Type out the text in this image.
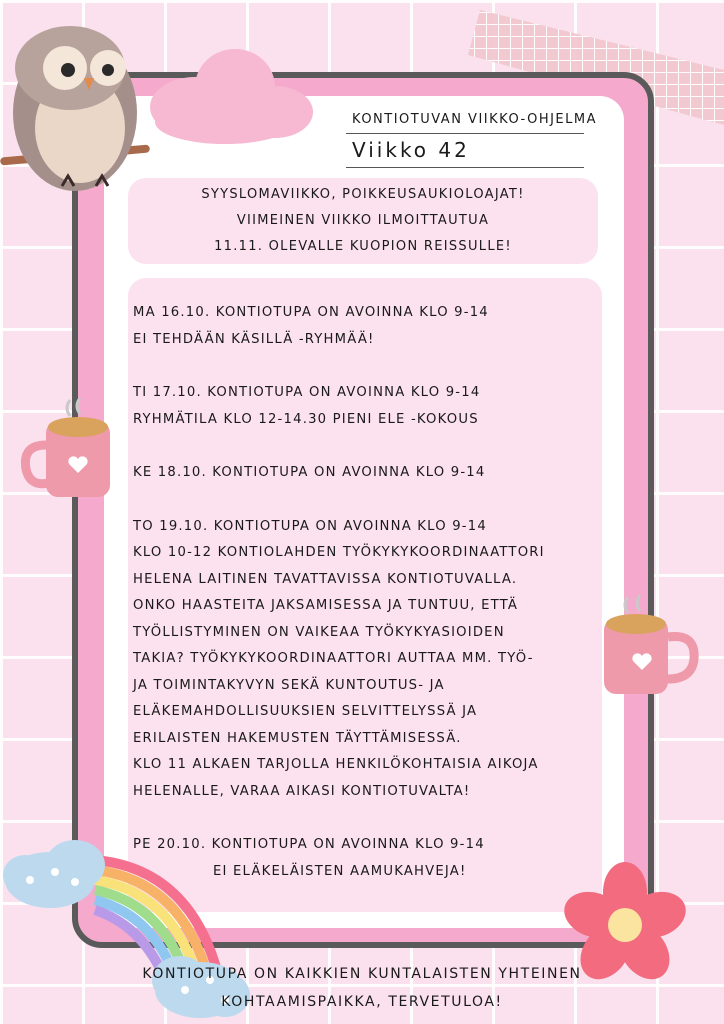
KONTIOTUVAN VIIKKO-OHJELMA
Viikko 42
SYYSLOMAVIIKKO, POIKKEUSAUKIOLOAJAT!
VIIMEINEN VIIKKO ILMOITTAUTUA
11.11. OLEVALLE KUOPION REISSULLE!
MA 16.10. KONTIOTUPA ON AVOINNA KLO 9-14
EI TEHDÄÄN KÄSILLÄ -RYHMÄÄ!
TI 17.10. KONTIOTUPA ON AVOINNA KLO 9-14
RYHMÄTILA KLO 12-14.30 PIENI ELE -KOKOUS
KE 18.10. KONTIOTUPA ON AVOINNA KLO 9-14
TO 19.10. KONTIOTUPA ON AVOINNA KLO 9-14
KLO 10-12 KONTIOLAHDEN TYÖKYKYKOORDINAATTORI
HELENA LAITINEN TAVATTAVISSA KONTIOTUVALLA.
ONKO HAASTEITA JAKSAMISESSA JA TUNTUU, ETTÄ
TYÖLLISTYMINEN ON VAIKEAA TYÖKYKYASIOIDEN
TAKIA? TYÖKYKYKOORDINAATTORI AUTTAA MM. TYÖ-
JA TOIMINTAKYVYN SEKÄ KUNTOUTUS- JA
ELÄKEMAHDOLLISUUKSIEN SELVITTELYSSÄ JA
ERILAISTEN HAKEMUSTEN TÄYTTÄMISESSÄ.
KLO 11 ALKAEN TARJOLLA HENKILÖKOHTAISIA AIKOJA
HELENALLE, VARAA AIKASI KONTIOTUVALTA!
PE 20.10. KONTIOTUPA ON AVOINNA KLO 9-14
EI ELÄKELÄISTEN AAMUKAHVEJA!
KONTIOTUPA ON KAIKKIEN KUNTALAISTEN YHTEINEN
KOHTAAMISPAIKKA, TERVETULOA!
